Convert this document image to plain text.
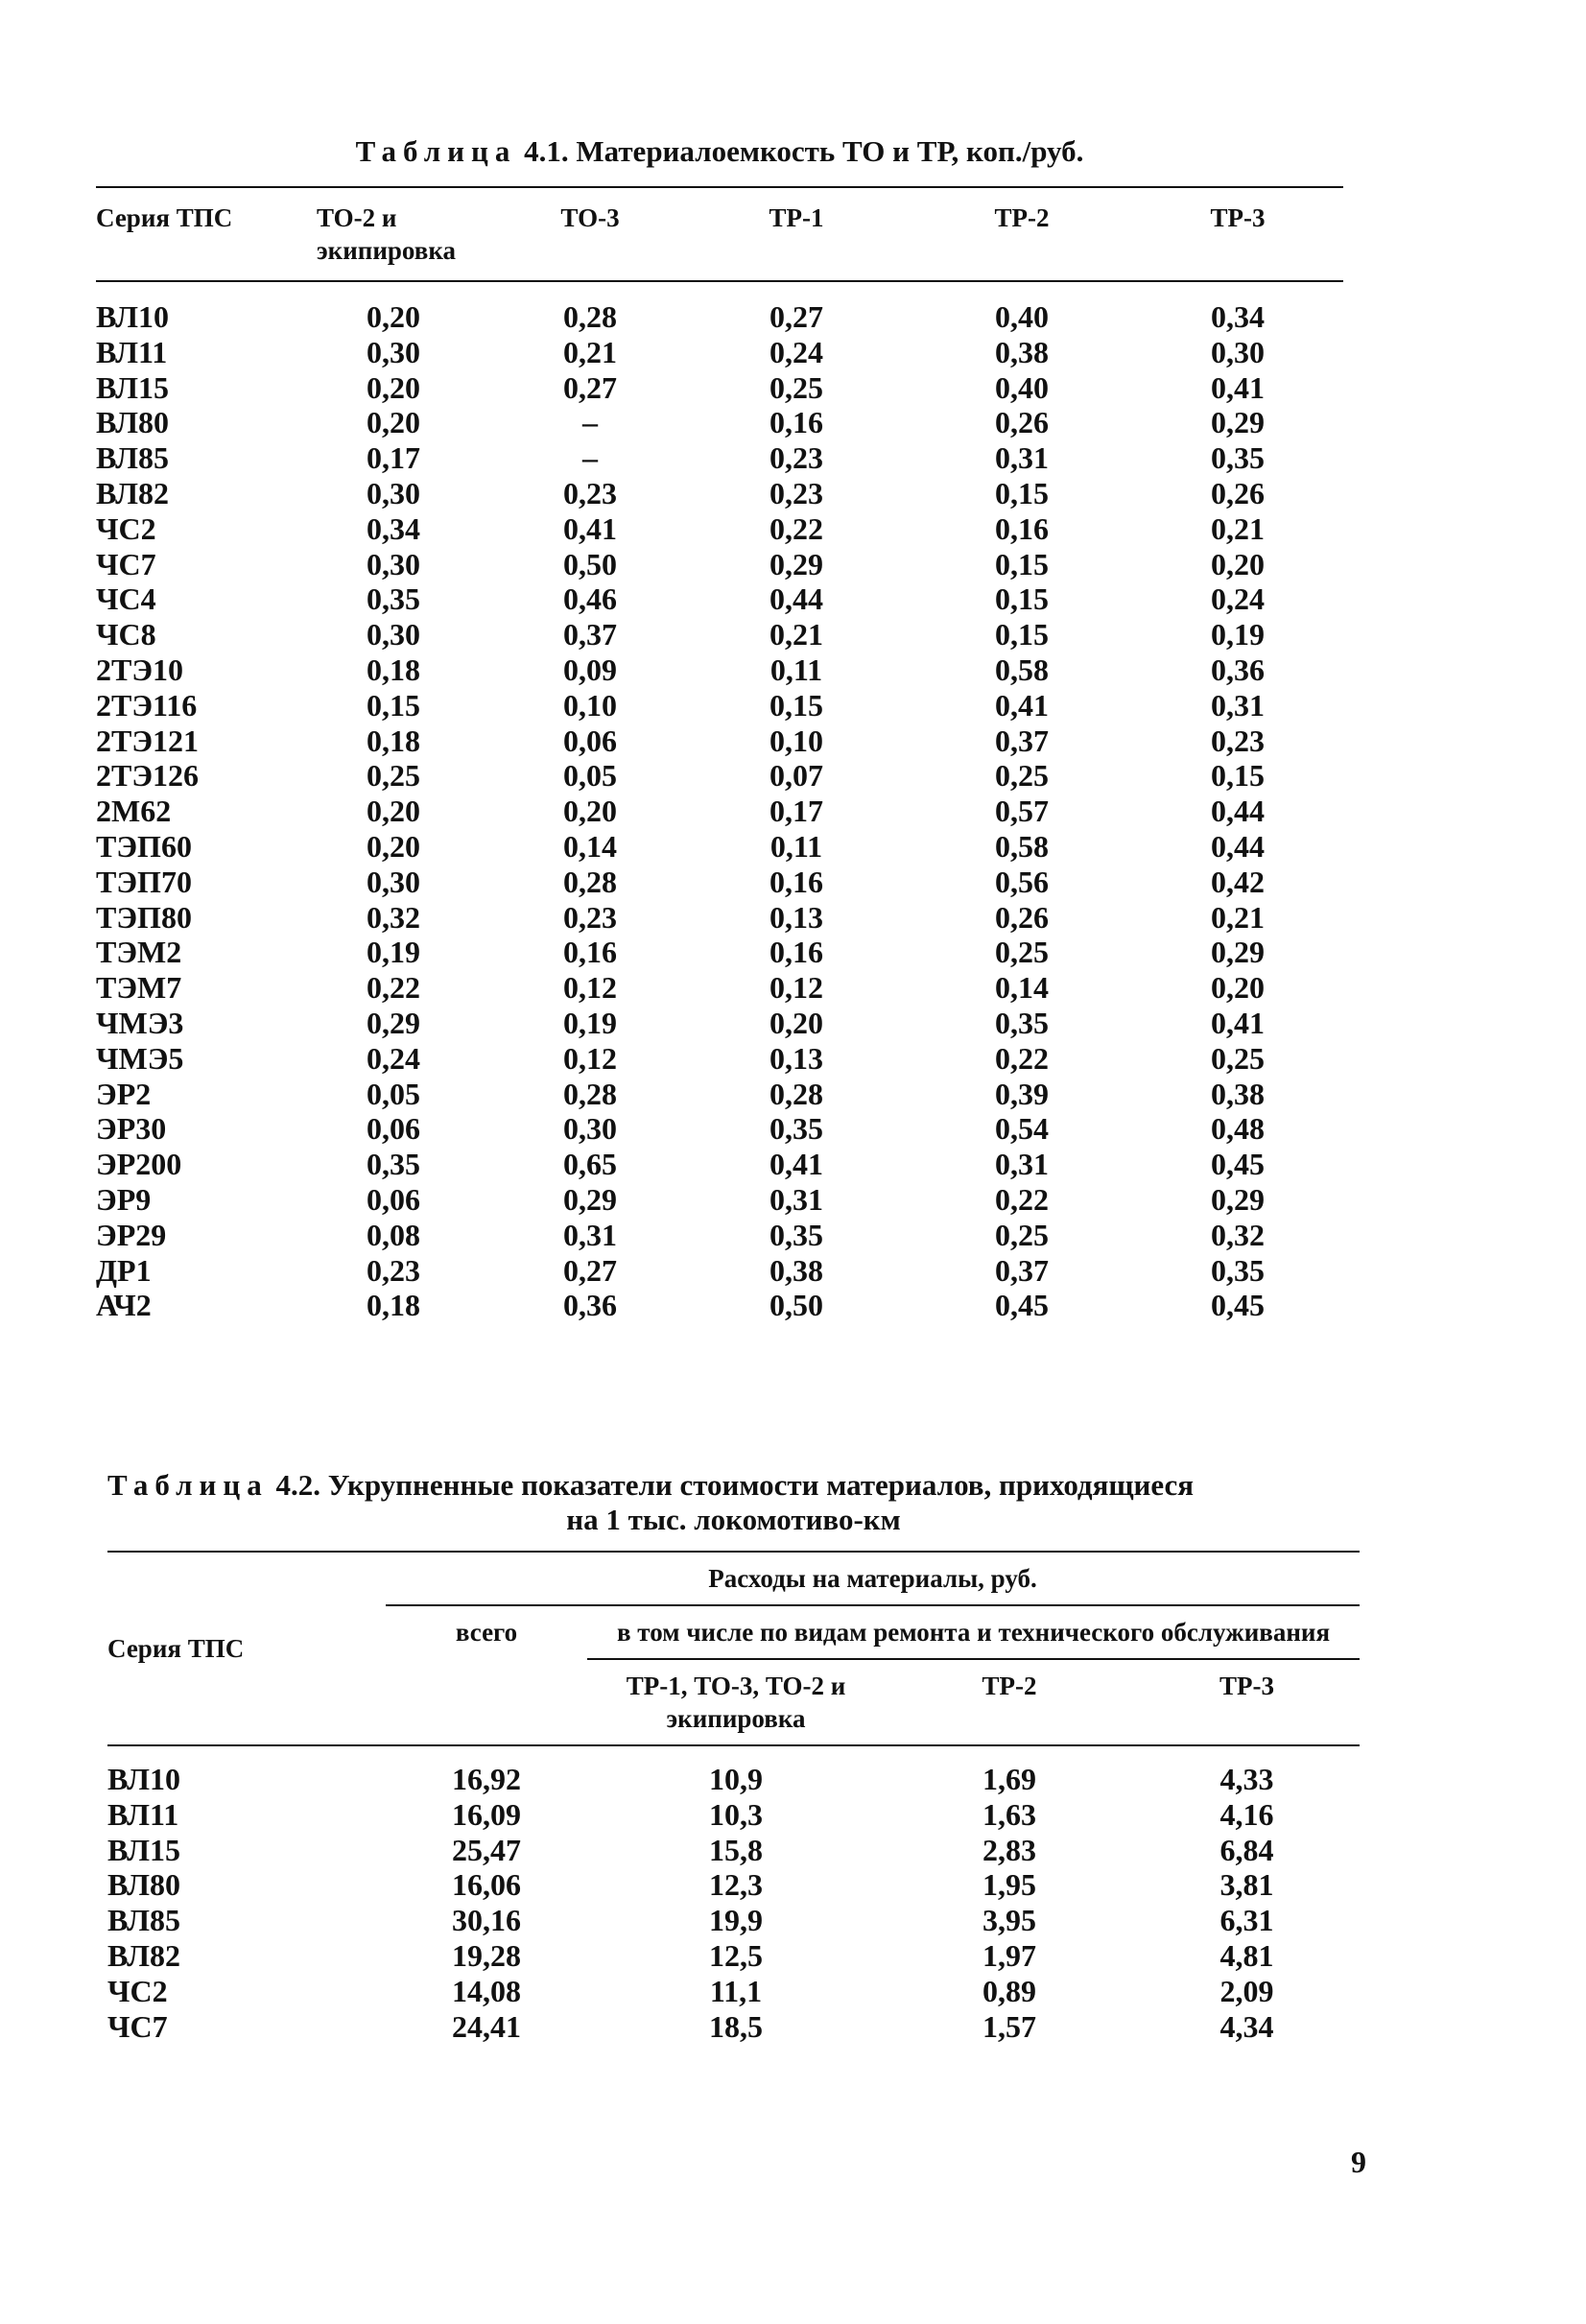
Таблица 4.1. Материалоемкость ТО и ТР, коп./руб.
Серия ТПС	ТО-2 и экипировка	ТО-3	ТР-1	ТР-2	ТР-3
ВЛ10	0,20	0,28	0,27	0,40	0,34
ВЛ11	0,30	0,21	0,24	0,38	0,30
ВЛ15	0,20	0,27	0,25	0,40	0,41
ВЛ80	0,20	–	0,16	0,26	0,29
ВЛ85	0,17	–	0,23	0,31	0,35
ВЛ82	0,30	0,23	0,23	0,15	0,26
ЧС2	0,34	0,41	0,22	0,16	0,21
ЧС7	0,30	0,50	0,29	0,15	0,20
ЧС4	0,35	0,46	0,44	0,15	0,24
ЧС8	0,30	0,37	0,21	0,15	0,19
2ТЭ10	0,18	0,09	0,11	0,58	0,36
2ТЭ116	0,15	0,10	0,15	0,41	0,31
2ТЭ121	0,18	0,06	0,10	0,37	0,23
2ТЭ126	0,25	0,05	0,07	0,25	0,15
2М62	0,20	0,20	0,17	0,57	0,44
ТЭП60	0,20	0,14	0,11	0,58	0,44
ТЭП70	0,30	0,28	0,16	0,56	0,42
ТЭП80	0,32	0,23	0,13	0,26	0,21
ТЭМ2	0,19	0,16	0,16	0,25	0,29
ТЭМ7	0,22	0,12	0,12	0,14	0,20
ЧМЭ3	0,29	0,19	0,20	0,35	0,41
ЧМЭ5	0,24	0,12	0,13	0,22	0,25
ЭР2	0,05	0,28	0,28	0,39	0,38
ЭР30	0,06	0,30	0,35	0,54	0,48
ЭР200	0,35	0,65	0,41	0,31	0,45
ЭР9	0,06	0,29	0,31	0,22	0,29
ЭР29	0,08	0,31	0,35	0,25	0,32
ДР1	0,23	0,27	0,38	0,37	0,35
АЧ2	0,18	0,36	0,50	0,45	0,45
Таблица 4.2. Укрупненные показатели стоимости материалов, приходящиеся
на 1 тыс. локомотиво-км
Серия ТПС	Расходы на материалы, руб.			
	всего	в том числе по видам ремонта и технического обслуживания		
		ТР-1, ТО-3, ТО-2 и экипировка	ТР-2	ТР-3
ВЛ10	16,92	10,9	1,69	4,33
ВЛ11	16,09	10,3	1,63	4,16
ВЛ15	25,47	15,8	2,83	6,84
ВЛ80	16,06	12,3	1,95	3,81
ВЛ85	30,16	19,9	3,95	6,31
ВЛ82	19,28	12,5	1,97	4,81
ЧС2	14,08	11,1	0,89	2,09
ЧС7	24,41	18,5	1,57	4,34
9
